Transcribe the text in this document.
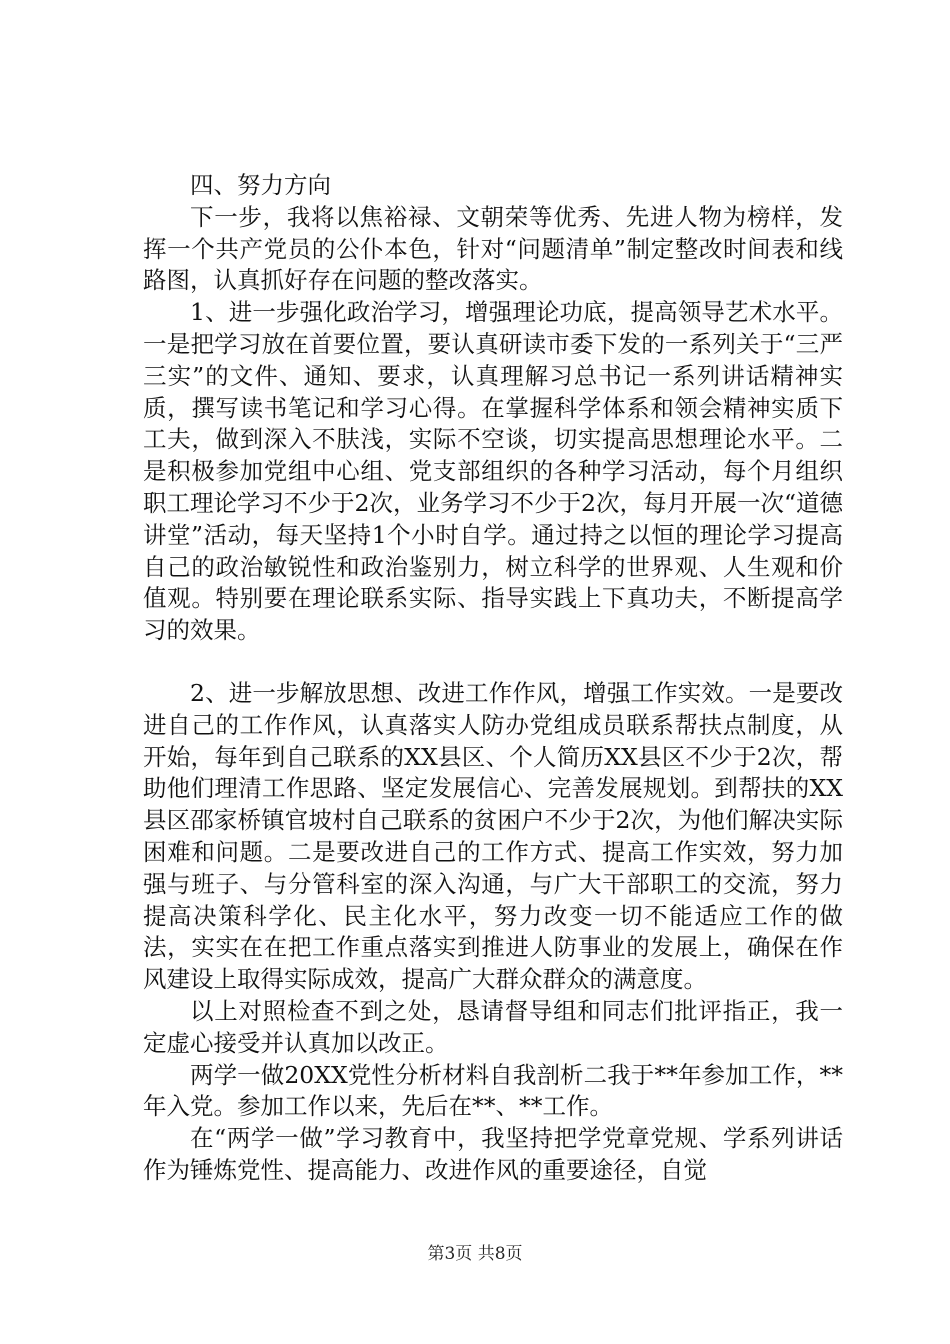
四、努力方向

下一步，我将以焦裕禄、文朝荣等优秀、先进人物为榜样，发挥一个共产党员的公仆本色，针对“问题清单”制定整改时间表和线路图，认真抓好存在问题的整改落实。

1、进一步强化政治学习，增强理论功底，提高领导艺术水平。一是把学习放在首要位置，要认真研读市委下发的一系列关于“三严三实”的文件、通知、要求，认真理解习总书记一系列讲话精神实质，撰写读书笔记和学习心得。在掌握科学体系和领会精神实质下工夫，做到深入不肤浅，实际不空谈，切实提高思想理论水平。二是积极参加党组中心组、党支部组织的各种学习活动，每个月组织职工理论学习不少于2次，业务学习不少于2次，每月开展一次“道德讲堂”活动，每天坚持1个小时自学。通过持之以恒的理论学习提高自己的政治敏锐性和政治鉴别力，树立科学的世界观、人生观和价值观。特别要在理论联系实际、指导实践上下真功夫，不断提高学习的效果。

2、进一步解放思想、改进工作作风，增强工作实效。一是要改进自己的工作作风，认真落实人防办党组成员联系帮扶点制度，从开始，每年到自己联系的XX县区、个人简历XX县区不少于2次，帮助他们理清工作思路、坚定发展信心、完善发展规划。到帮扶的XX县区邵家桥镇官坡村自己联系的贫困户不少于2次，为他们解决实际困难和问题。二是要改进自己的工作方式、提高工作实效，努力加强与班子、与分管科室的深入沟通，与广大干部职工的交流，努力提高决策科学化、民主化水平，努力改变一切不能适应工作的做法，实实在在把工作重点落实到推进人防事业的发展上，确保在作风建设上取得实际成效，提高广大群众群众的满意度。

以上对照检查不到之处，恳请督导组和同志们批评指正，我一定虚心接受并认真加以改正。

两学一做20XX党性分析材料自我剖析二我于**年参加工作，**年入党。参加工作以来，先后在**、**工作。

在“两学一做”学习教育中，我坚持把学党章党规、学系列讲话作为锤炼党性、提高能力、改进作风的重要途径，自觉

第3页 共8页
